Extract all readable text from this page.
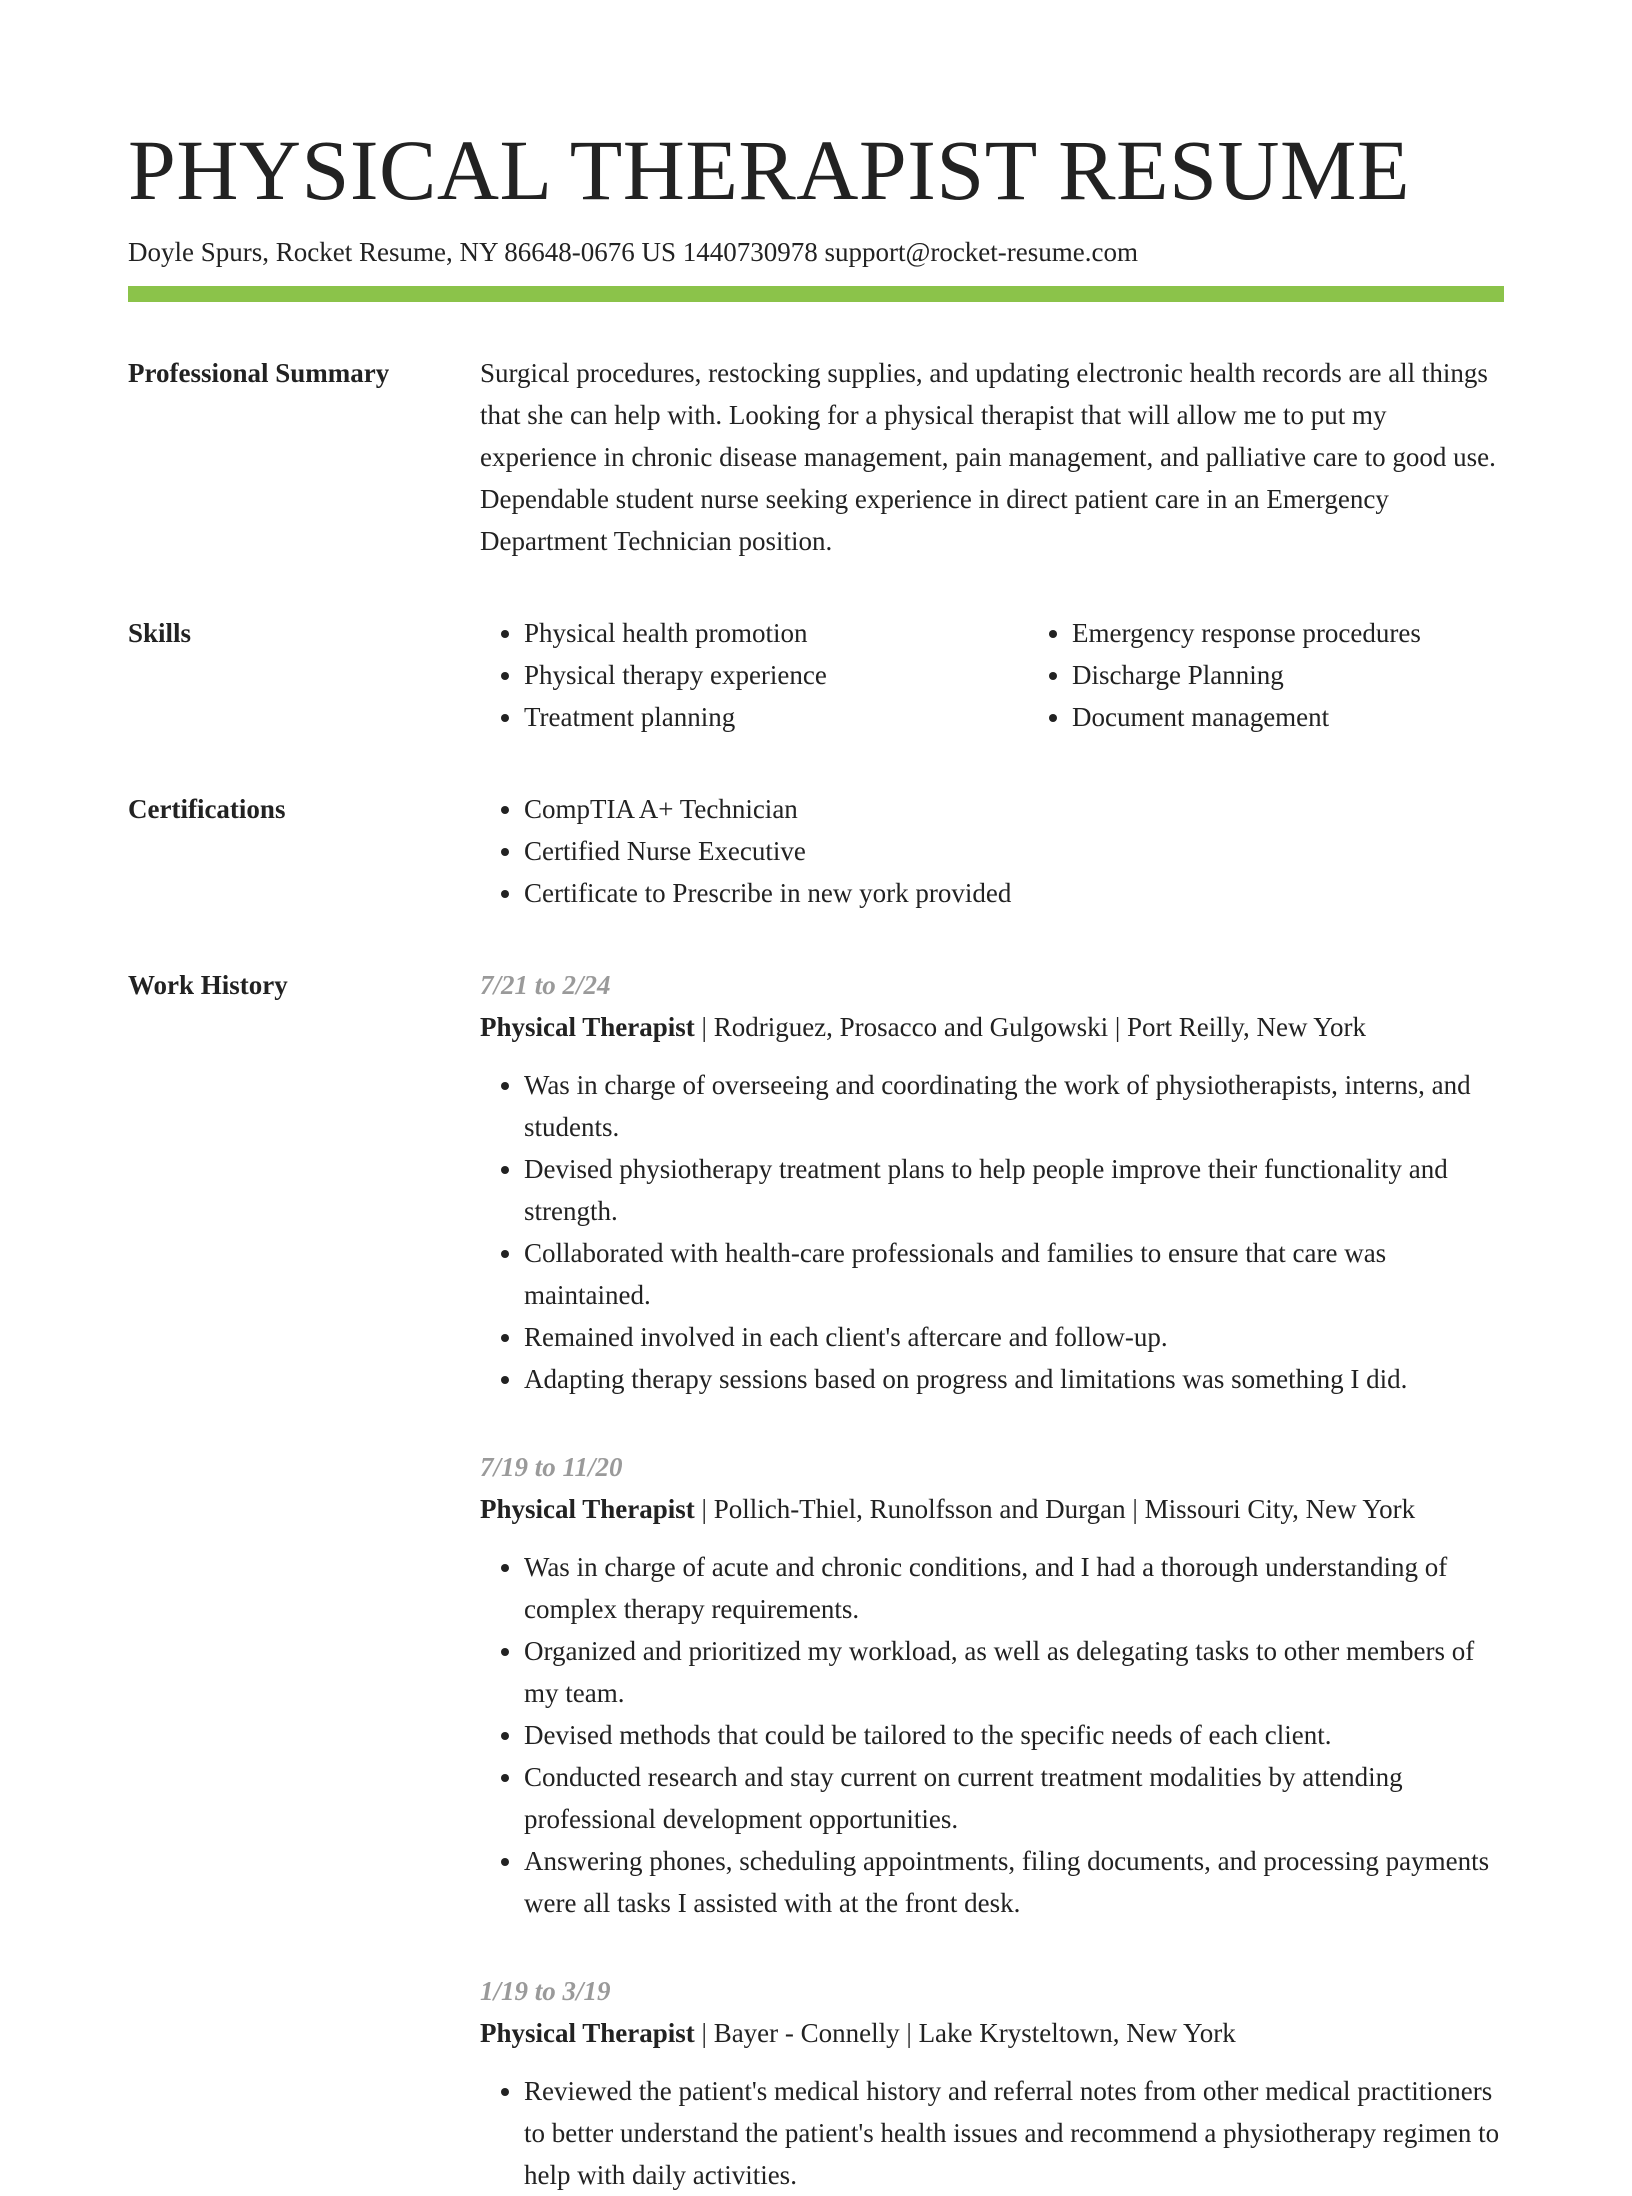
PHYSICAL THERAPIST RESUME
Doyle Spurs, Rocket Resume, NY 86648-0676 US 1440730978 support@rocket-resume.com
Professional Summary	Surgical procedures, restocking supplies, and updating electronic health records are all things that she can help with. Looking for a physical therapist that will allow me to put my experience in chronic disease management, pain management, and palliative care to good use. Dependable student nurse seeking experience in direct patient care in an Emergency Department Technician position.

Skills	• Physical health promotion
• Physical therapy experience
• Treatment planning
• Emergency response procedures
• Discharge Planning
• Document management
Certifications	• CompTIA A+ Technician
• Certified Nurse Executive
• Certificate to Prescribe in new york provided
Work History	7/21 to 2/24
Physical Therapist | Rodriguez, Prosacco and Gulgowski | Port Reilly, New York
• Was in charge of overseeing and coordinating the work of physiotherapists, interns, and students.
• Devised physiotherapy treatment plans to help people improve their functionality and strength.
• Collaborated with health-care professionals and families to ensure that care was maintained.
• Remained involved in each client's aftercare and follow-up.
• Adapting therapy sessions based on progress and limitations was something I did.
7/19 to 11/20
Physical Therapist | Pollich-Thiel, Runolfsson and Durgan | Missouri City, New York
• Was in charge of acute and chronic conditions, and I had a thorough understanding of complex therapy requirements.
• Organized and prioritized my workload, as well as delegating tasks to other members of my team.
• Devised methods that could be tailored to the specific needs of each client.
• Conducted research and stay current on current treatment modalities by attending professional development opportunities.
• Answering phones, scheduling appointments, filing documents, and processing payments were all tasks I assisted with at the front desk.
1/19 to 3/19
Physical Therapist | Bayer - Connelly | Lake Krysteltown, New York
• Reviewed the patient's medical history and referral notes from other medical practitioners to better understand the patient's health issues and recommend a physiotherapy regimen to help with daily activities.
